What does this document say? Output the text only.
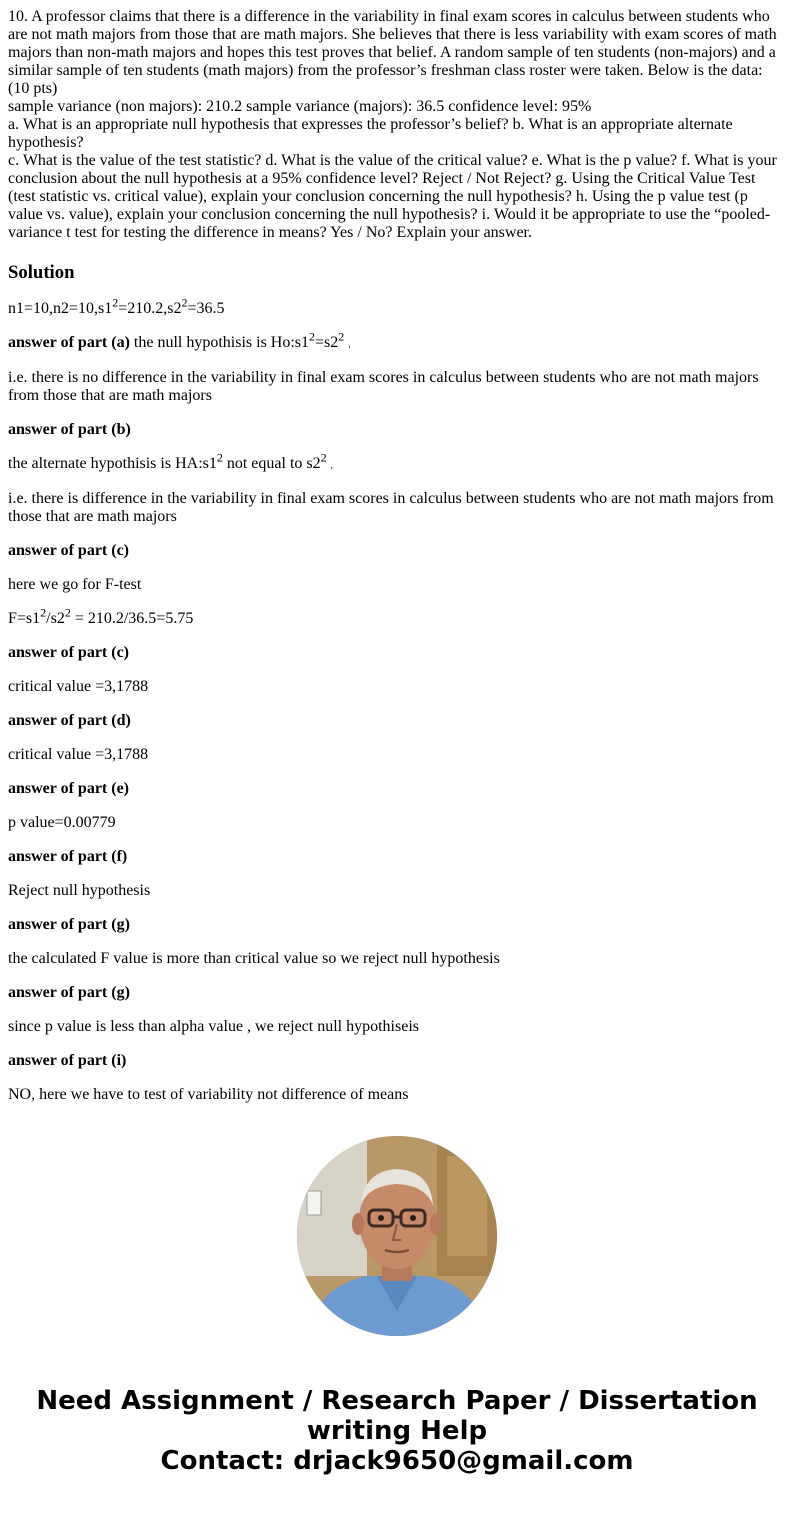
10. A professor claims that there is a difference in the variability in final exam scores in calculus between students who are not math majors from those that are math majors. She believes that there is less variability with exam scores of math majors than non-math majors and hopes this test proves that belief. A random sample of ten students (non-majors) and a similar sample of ten students (math majors) from the professor’s freshman class roster were taken. Below is the data: (10 pts)

sample variance (non majors): 210.2 sample variance (majors): 36.5 confidence level: 95%

a. What is an appropriate null hypothesis that expresses the professor’s belief? b. What is an appropriate alternate hypothesis?

c. What is the value of the test statistic? d. What is the value of the critical value? e. What is the p value? f. What is your conclusion about the null hypothesis at a 95% confidence level? Reject / Not Reject? g. Using the Critical Value Test (test statistic vs. critical value), explain your conclusion concerning the null hypothesis? h. Using the p value test (p value vs. value), explain your conclusion concerning the null hypothesis? i. Would it be appropriate to use the “pooled-variance t test for testing the difference in means? Yes / No? Explain your answer.

Solution

$n1=10,n2=10,s1^2=210.2,s2^2=36.5$

answer of part (a) the null hypothisis is $Ho:s1^2=s2^2$ ,

i.e. there is no difference in the variability in final exam scores in calculus between students who are not math majors from those that are math majors

answer of part (b)

the alternate hypothisis is $HA:s1^2$ not equal to $s2^2$ ,

i.e. there is difference in the variability in final exam scores in calculus between students who are not math majors from those that are math majors

answer of part (c)

here we go for F-test

$F=s1^2/s2^2 = 210.2/36.5=5.75$

answer of part (c)

critical value =3,1788

answer of part (d)

critical value =3,1788

answer of part (e)

p value=0.00779

answer of part (f)

Reject null hypothesis

answer of part (g)

the calculated F value is more than critical value so we reject null hypothesis

answer of part (g)

since p value is less than alpha value , we reject null hypothiseis

answer of part (i)

NO, here we have to test of variability not difference of means

Need Assignment / Research Paper / Dissertation
writing Help
Contact: drjack9650@gmail.com
